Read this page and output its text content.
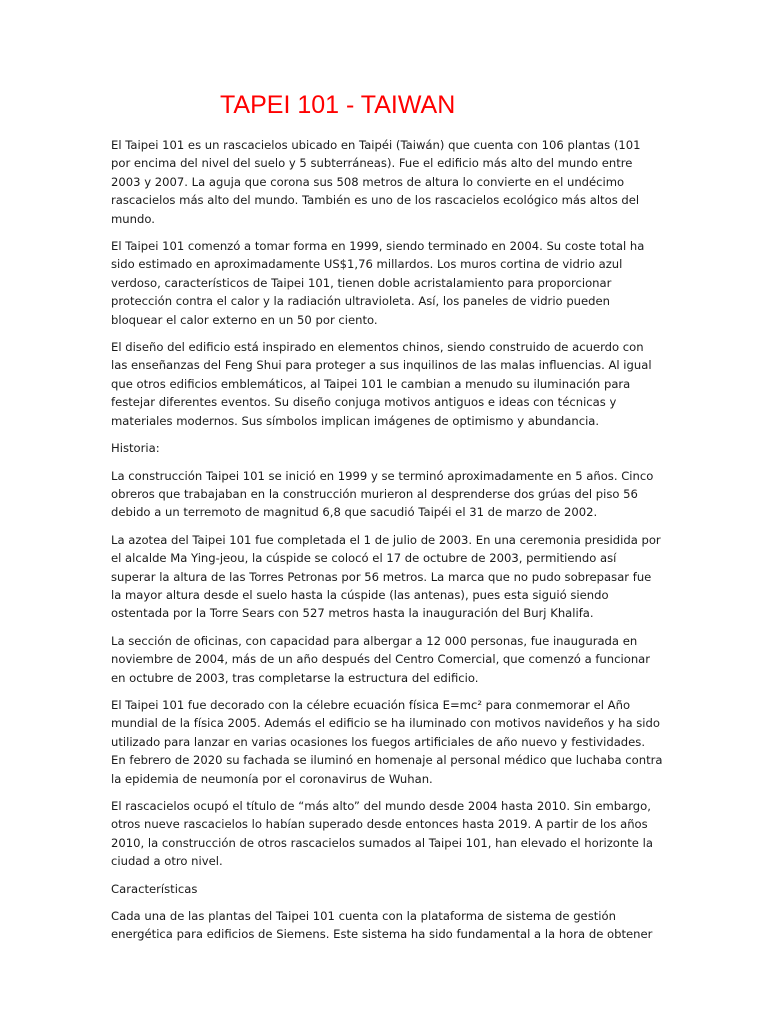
TAPEI 101 - TAIWAN

El Taipei 101 es un rascacielos ubicado en Taipéi (Taiwán) que cuenta con 106 plantas (101 por encima del nivel del suelo y 5 subterráneas). Fue el edificio más alto del mundo entre 2003 y 2007. La aguja que corona sus 508 metros de altura lo convierte en el undécimo rascacielos más alto del mundo. También es uno de los rascacielos ecológico más altos del mundo.

El Taipei 101 comenzó a tomar forma en 1999, siendo terminado en 2004. Su coste total ha sido estimado en aproximadamente US$1,76 millardos. Los muros cortina de vidrio azul verdoso, característicos de Taipei 101, tienen doble acristalamiento para proporcionar protección contra el calor y la radiación ultravioleta. Así, los paneles de vidrio pueden bloquear el calor externo en un 50 por ciento.

El diseño del edificio está inspirado en elementos chinos, siendo construido de acuerdo con las enseñanzas del Feng Shui para proteger a sus inquilinos de las malas influencias. Al igual que otros edificios emblemáticos, al Taipei 101 le cambian a menudo su iluminación para festejar diferentes eventos. Su diseño conjuga motivos antiguos e ideas con técnicas y materiales modernos. Sus símbolos implican imágenes de optimismo y abundancia.

Historia:

La construcción Taipei 101 se inició en 1999 y se terminó aproximadamente en 5 años. Cinco obreros que trabajaban en la construcción murieron al desprenderse dos grúas del piso 56 debido a un terremoto de magnitud 6,8 que sacudió Taipéi el 31 de marzo de 2002.

La azotea del Taipei 101 fue completada el 1 de julio de 2003. En una ceremonia presidida por el alcalde Ma Ying-jeou, la cúspide se colocó el 17 de octubre de 2003, permitiendo así superar la altura de las Torres Petronas por 56 metros. La marca que no pudo sobrepasar fue la mayor altura desde el suelo hasta la cúspide (las antenas), pues esta siguió siendo ostentada por la Torre Sears con 527 metros hasta la inauguración del Burj Khalifa.

La sección de oficinas, con capacidad para albergar a 12 000 personas, fue inaugurada en noviembre de 2004, más de un año después del Centro Comercial, que comenzó a funcionar en octubre de 2003, tras completarse la estructura del edificio.

El Taipei 101 fue decorado con la célebre ecuación física E=mc² para conmemorar el Año mundial de la física 2005. Además el edificio se ha iluminado con motivos navideños y ha sido utilizado para lanzar en varias ocasiones los fuegos artificiales de año nuevo y festividades. En febrero de 2020 su fachada se iluminó en homenaje al personal médico que luchaba contra la epidemia de neumonía por el coronavirus de Wuhan.

El rascacielos ocupó el título de “más alto” del mundo desde 2004 hasta 2010. Sin embargo, otros nueve rascacielos lo habían superado desde entonces hasta 2019. A partir de los años 2010, la construcción de otros rascacielos sumados al Taipei 101, han elevado el horizonte la ciudad a otro nivel.

Características

Cada una de las plantas del Taipei 101 cuenta con la plataforma de sistema de gestión energética para edificios de Siemens. Este sistema ha sido fundamental a la hora de obtener
